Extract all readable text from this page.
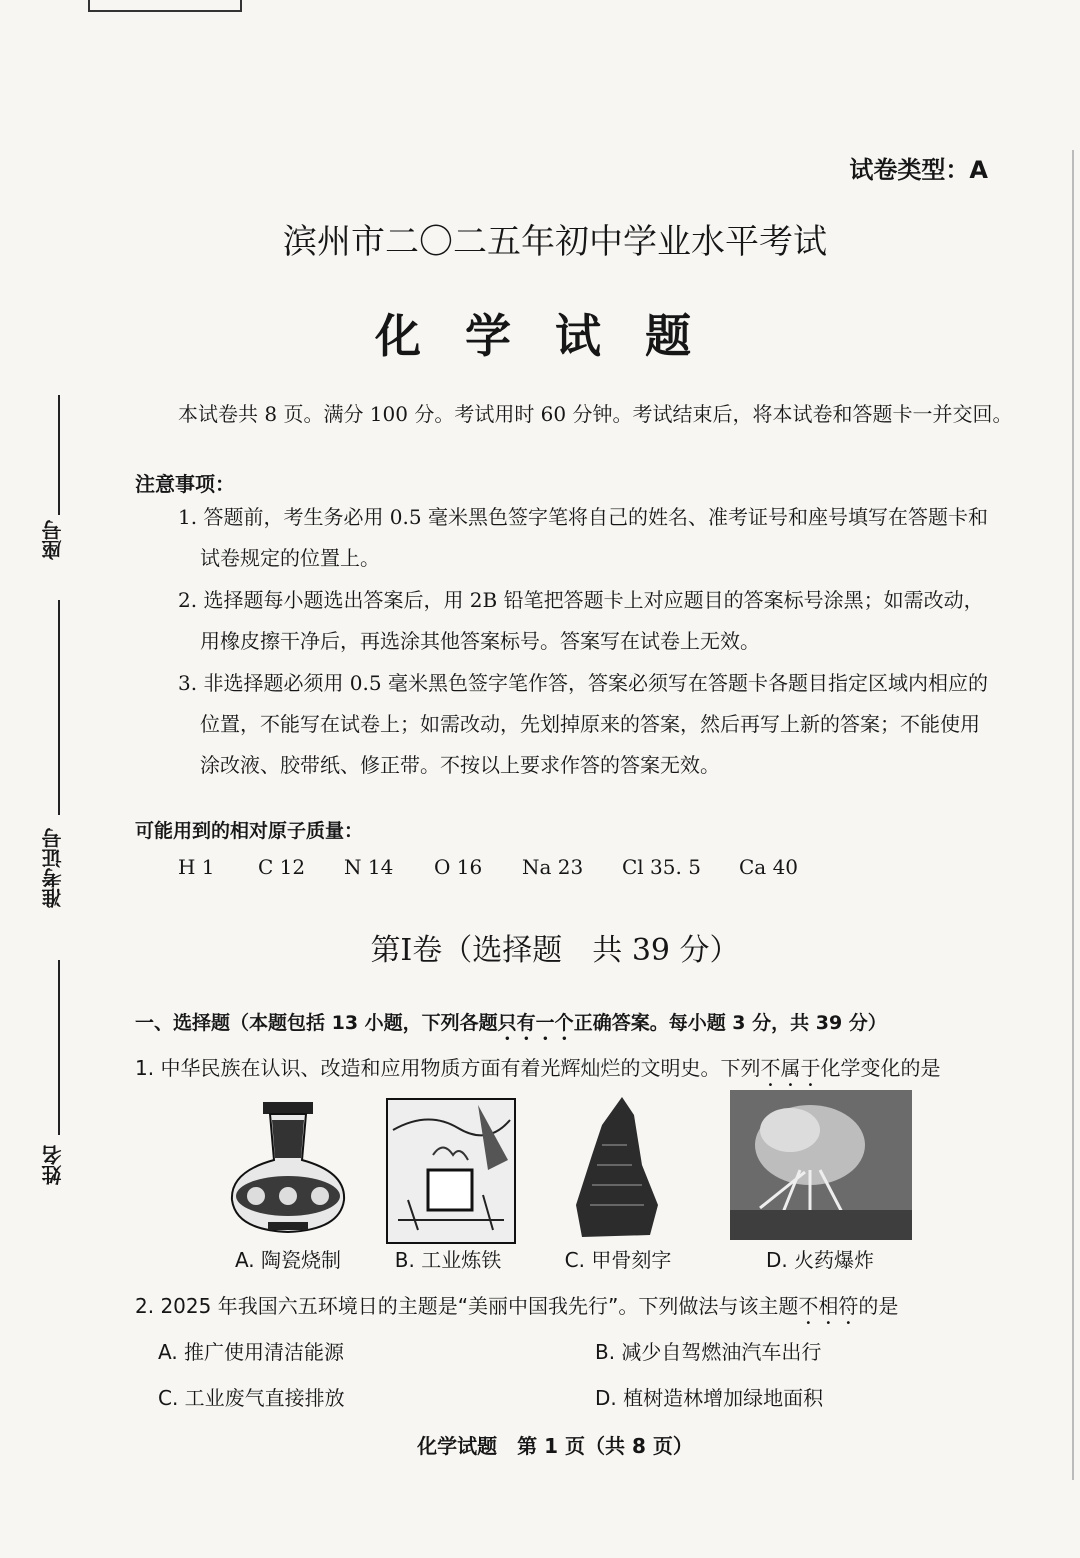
座号
准考证号
姓名
试卷类型：A
滨州市二〇二五年初中学业水平考试
化学试题
本试卷共 8 页。满分 100 分。考试用时 60 分钟。考试结束后，将本试卷和答题卡一并交回。
注意事项：
1. 答题前，考生务必用 0.5 毫米黑色签字笔将自己的姓名、准考证号和座号填写在答题卡和试卷规定的位置上。
2. 选择题每小题选出答案后，用 2B 铅笔把答题卡上对应题目的答案标号涂黑；如需改动，用橡皮擦干净后，再选涂其他答案标号。答案写在试卷上无效。
3. 非选择题必须用 0.5 毫米黑色签字笔作答，答案必须写在答题卡各题目指定区域内相应的位置，不能写在试卷上；如需改动，先划掉原来的答案，然后再写上新的答案；不能使用涂改液、胶带纸、修正带。不按以上要求作答的答案无效。
可能用到的相对原子质量：
H 1	C 12	N 14	O 16	Na 23	Cl 35. 5	Ca 40
第Ⅰ卷（选择题　共 39 分）
一、选择题（本题包括 13 小题，下列各题只有一个正确答案。每小题 3 分，共 39 分）
1. 中华民族在认识、改造和应用物质方面有着光辉灿烂的文明史。下列不属于化学变化的是
A. 陶瓷烧制	B. 工业炼铁	C. 甲骨刻字	D. 火药爆炸
2. 2025 年我国六五环境日的主题是“美丽中国我先行”。下列做法与该主题不相符的是
A. 推广使用清洁能源	B. 减少自驾燃油汽车出行
C. 工业废气直接排放	D. 植树造林增加绿地面积
化学试题　第 1 页（共 8 页）
